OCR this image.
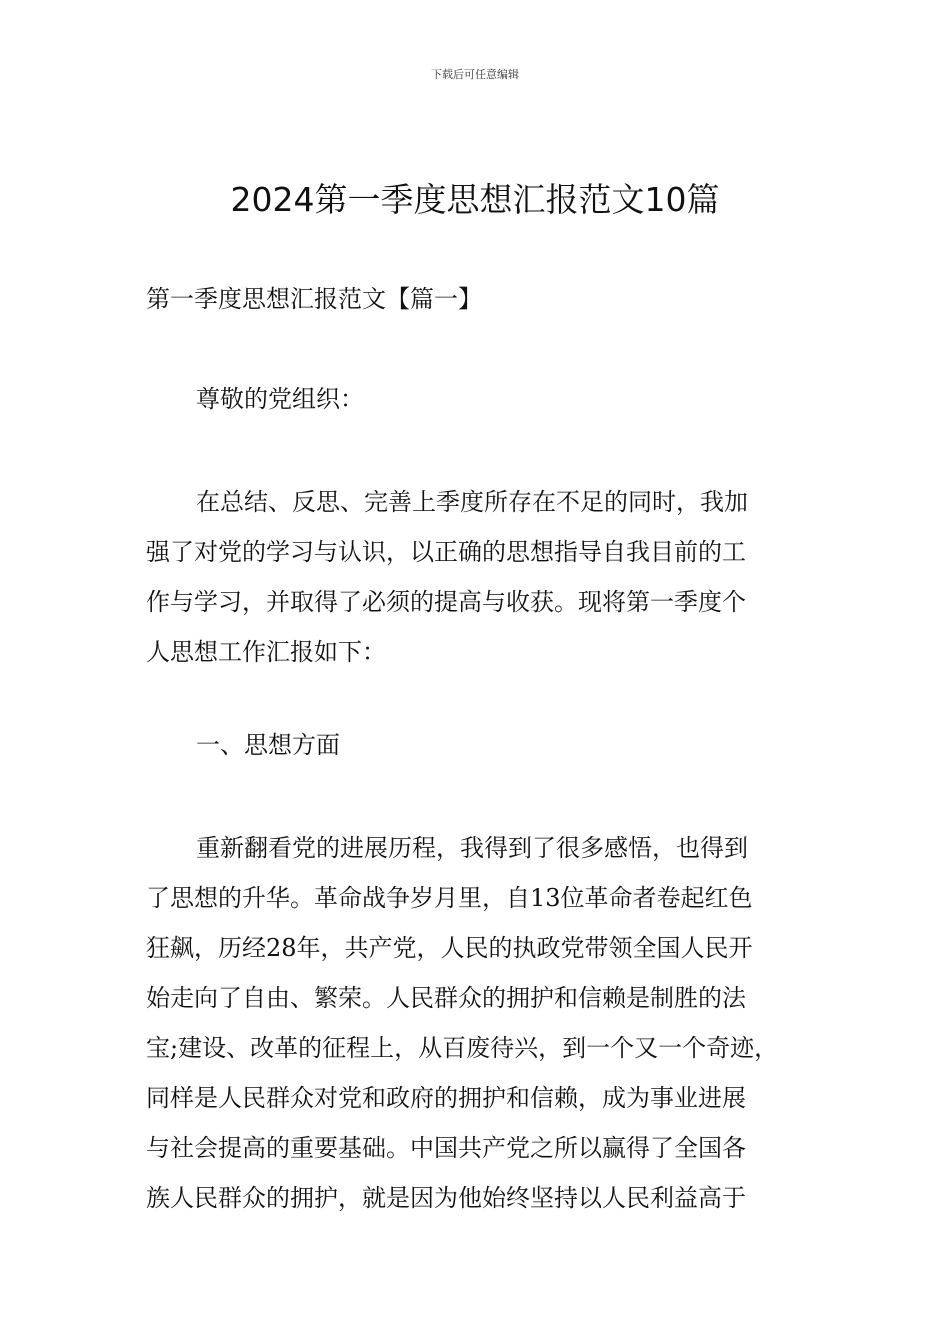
下载后可任意编辑
2024第一季度思想汇报范文10篇
第一季度思想汇报范文【篇一】
尊敬的党组织：
在总结、反思、完善上季度所存在不足的同时，我加
强了对党的学习与认识，以正确的思想指导自我目前的工
作与学习，并取得了必须的提高与收获。现将第一季度个
人思想工作汇报如下：
一、思想方面
重新翻看党的进展历程，我得到了很多感悟，也得到
了思想的升华。革命战争岁月里，自13位革命者卷起红色
狂飙，历经28年，共产党，人民的执政党带领全国人民开
始走向了自由、繁荣。人民群众的拥护和信赖是制胜的法
宝;建设、改革的征程上，从百废待兴，到一个又一个奇迹，
同样是人民群众对党和政府的拥护和信赖，成为事业进展
与社会提高的重要基础。中国共产党之所以赢得了全国各
族人民群众的拥护，就是因为他始终坚持以人民利益高于
